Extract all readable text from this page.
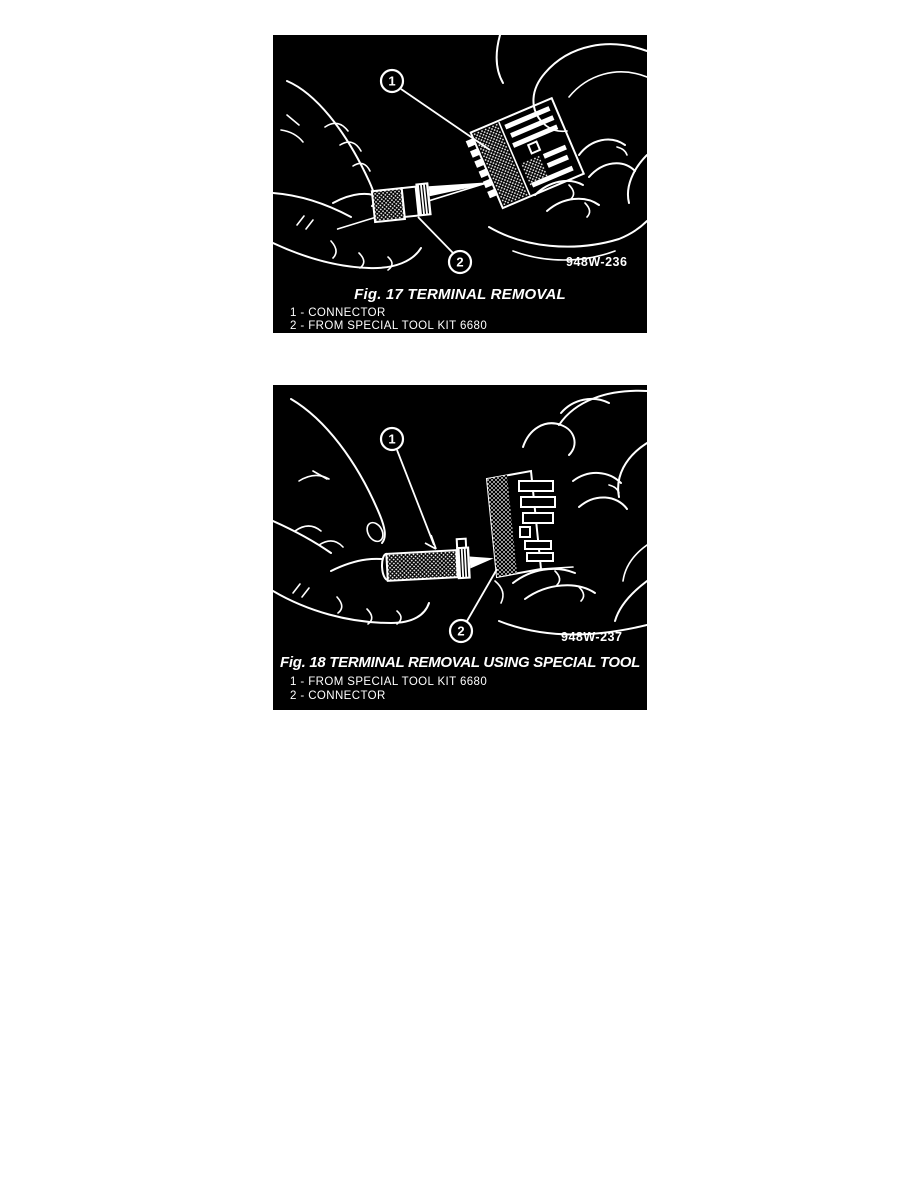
1
2	948W-236
Fig. 17 TERMINAL REMOVAL
1 - CONNECTOR
2 - FROM SPECIAL TOOL KIT 6680
1
2	948W-237
Fig. 18 TERMINAL REMOVAL USING SPECIAL TOOL
1 - FROM SPECIAL TOOL KIT 6680
2 - CONNECTOR
